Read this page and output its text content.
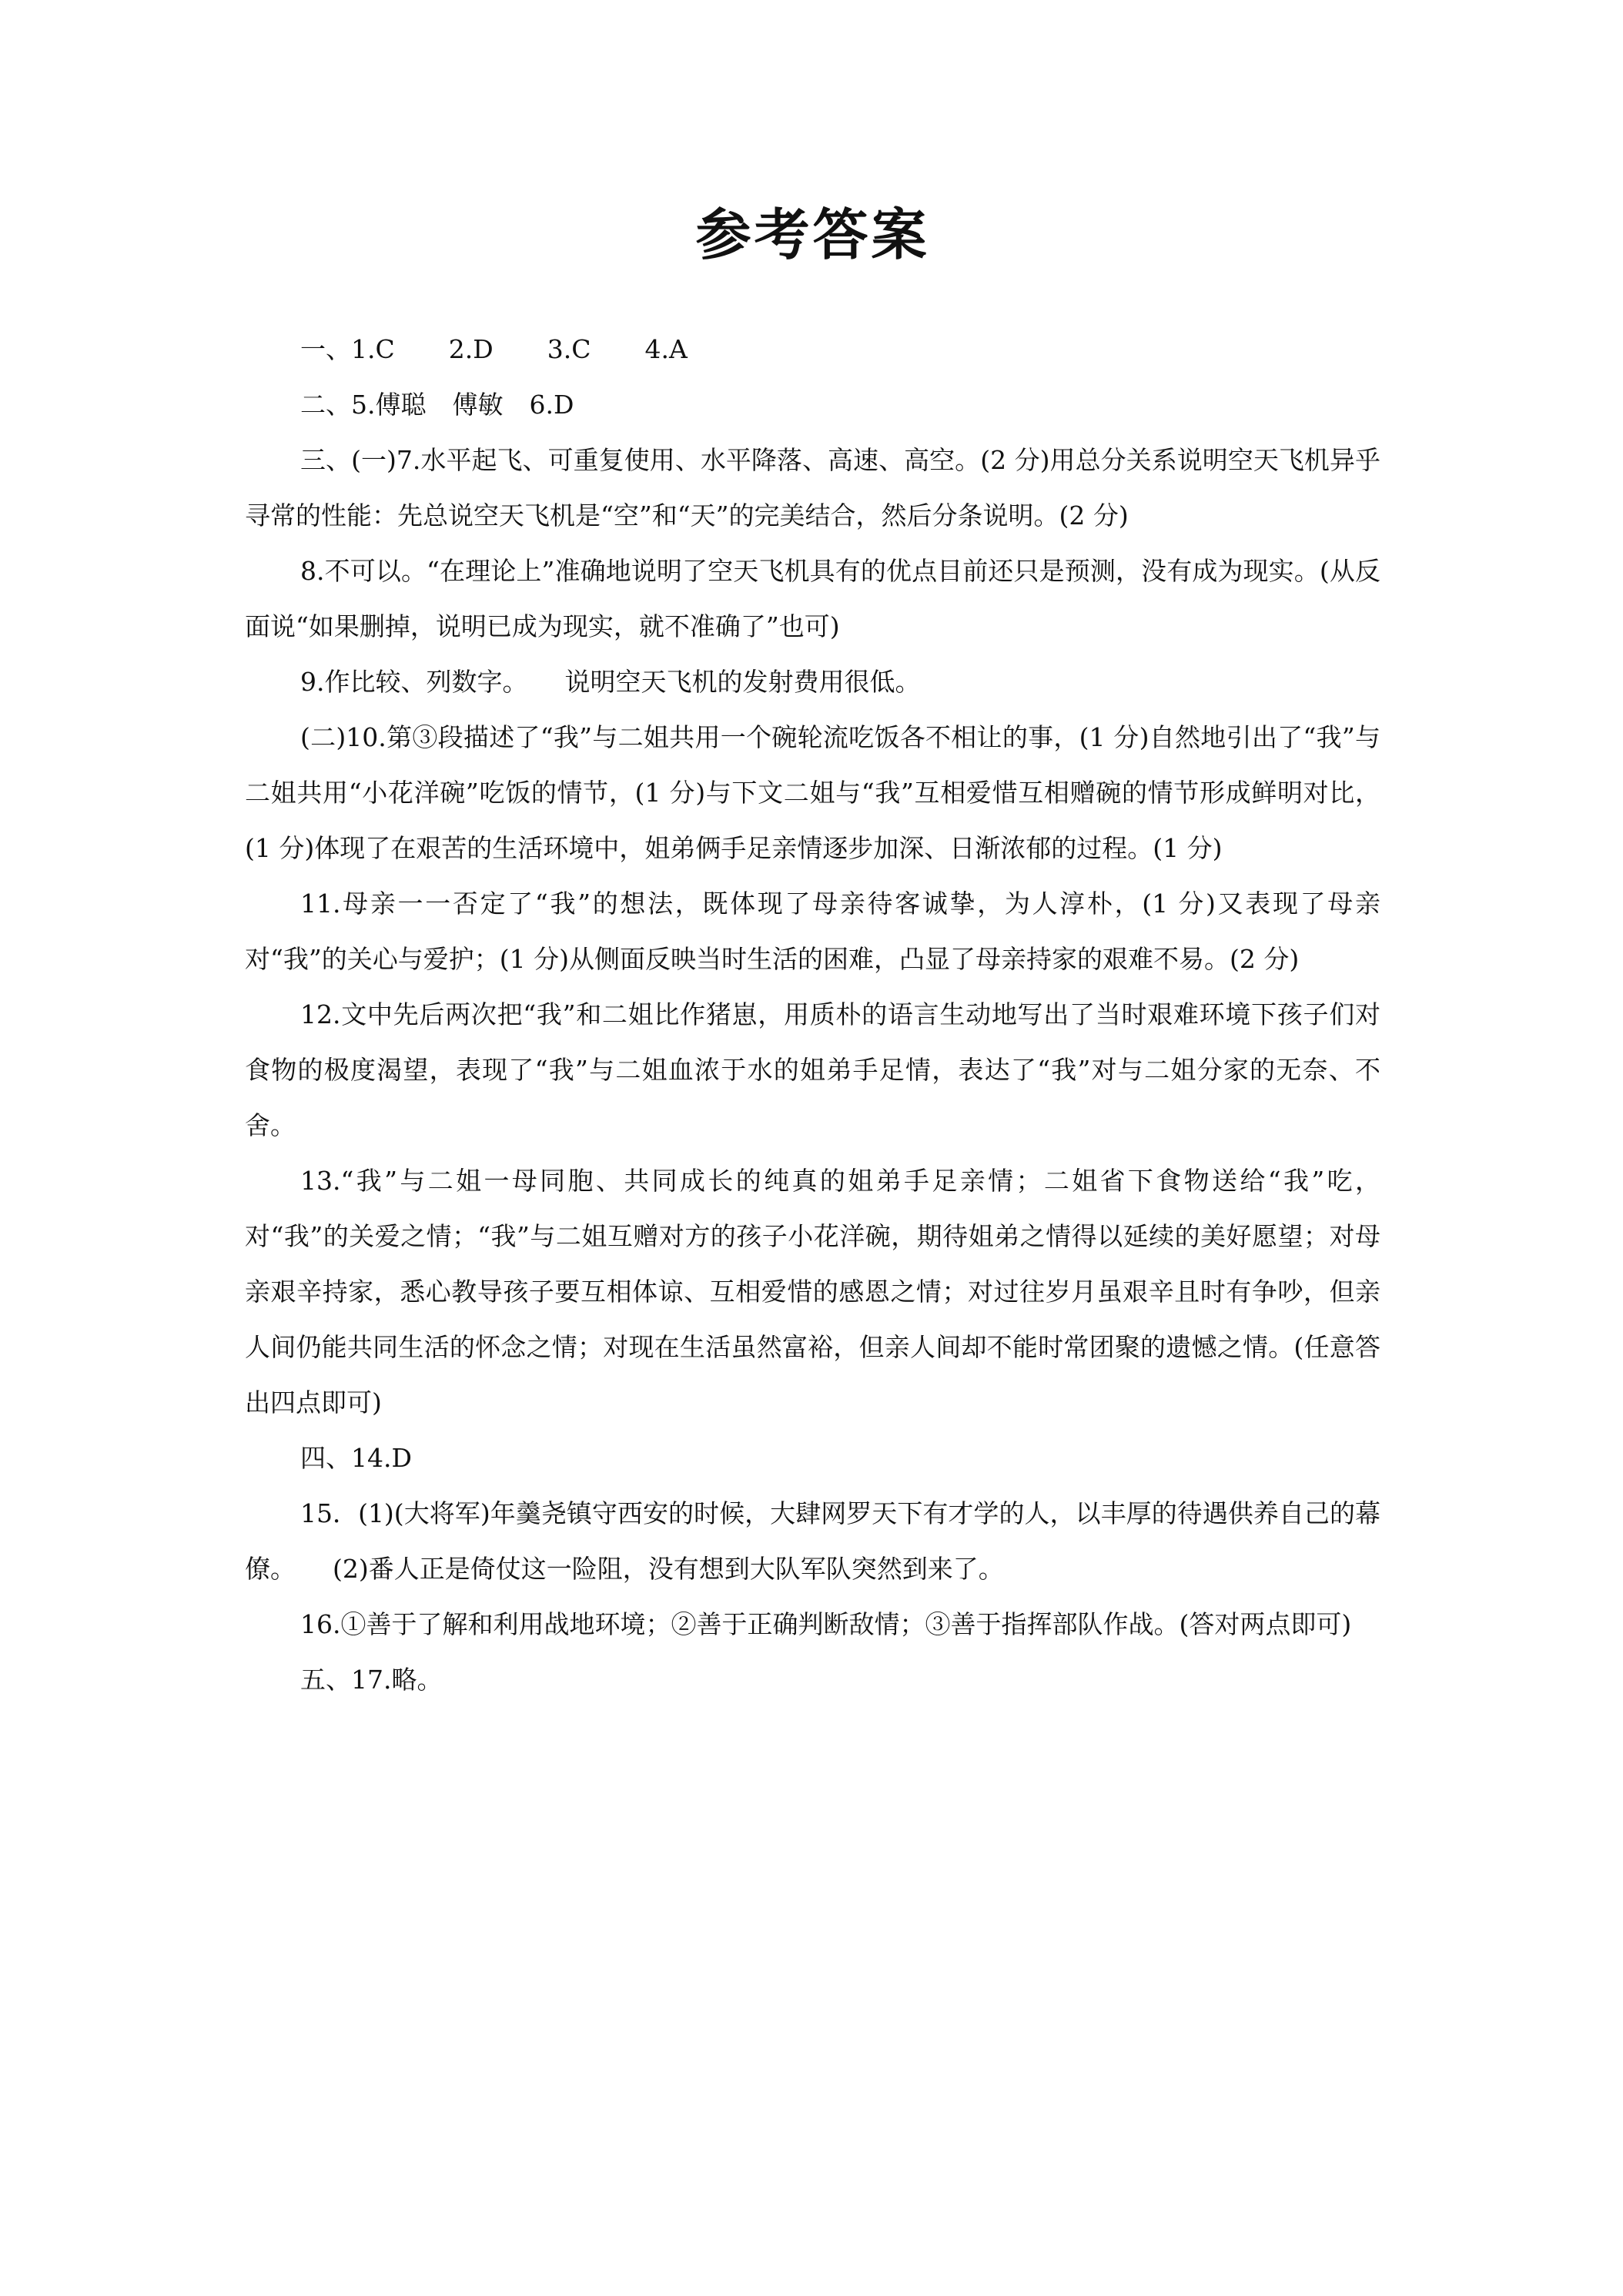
参考答案

一、1.C 2.D 3.C 4.A

二、5.傅聪 傅敏 6.D

三、(一)7.水平起飞、可重复使用、水平降落、高速、高空。(2 分)用总分关系说明空天飞机异乎寻常的性能：先总说空天飞机是“空”和“天”的完美结合，然后分条说明。(2 分)

8.不可以。“在理论上”准确地说明了空天飞机具有的优点目前还只是预测，没有成为现实。(从反面说“如果删掉，说明已成为现实，就不准确了”也可)

9.作比较、列数字。 说明空天飞机的发射费用很低。

(二)10.第③段描述了“我”与二姐共用一个碗轮流吃饭各不相让的事，(1 分)自然地引出了“我”与二姐共用“小花洋碗”吃饭的情节，(1 分)与下文二姐与“我”互相爱惜互相赠碗的情节形成鲜明对比，(1 分)体现了在艰苦的生活环境中，姐弟俩手足亲情逐步加深、日渐浓郁的过程。(1 分)

11.母亲一一否定了“我”的想法，既体现了母亲待客诚挚，为人淳朴，(1 分)又表现了母亲对“我”的关心与爱护；(1 分)从侧面反映当时生活的困难，凸显了母亲持家的艰难不易。(2 分)

12.文中先后两次把“我”和二姐比作猪崽，用质朴的语言生动地写出了当时艰难环境下孩子们对食物的极度渴望，表现了“我”与二姐血浓于水的姐弟手足情，表达了“我”对与二姐分家的无奈、不舍。

13.“我”与二姐一母同胞、共同成长的纯真的姐弟手足亲情；二姐省下食物送给“我”吃，对“我”的关爱之情；“我”与二姐互赠对方的孩子小花洋碗，期待姐弟之情得以延续的美好愿望；对母亲艰辛持家，悉心教导孩子要互相体谅、互相爱惜的感恩之情；对过往岁月虽艰辛且时有争吵，但亲人间仍能共同生活的怀念之情；对现在生活虽然富裕，但亲人间却不能时常团聚的遗憾之情。(任意答出四点即可)

四、14.D

15．(1)(大将军)年羹尧镇守西安的时候，大肆网罗天下有才学的人，以丰厚的待遇供养自己的幕僚。 (2)番人正是倚仗这一险阻，没有想到大队军队突然到来了。

16.①善于了解和利用战地环境；②善于正确判断敌情；③善于指挥部队作战。(答对两点即可)

五、17.略。
